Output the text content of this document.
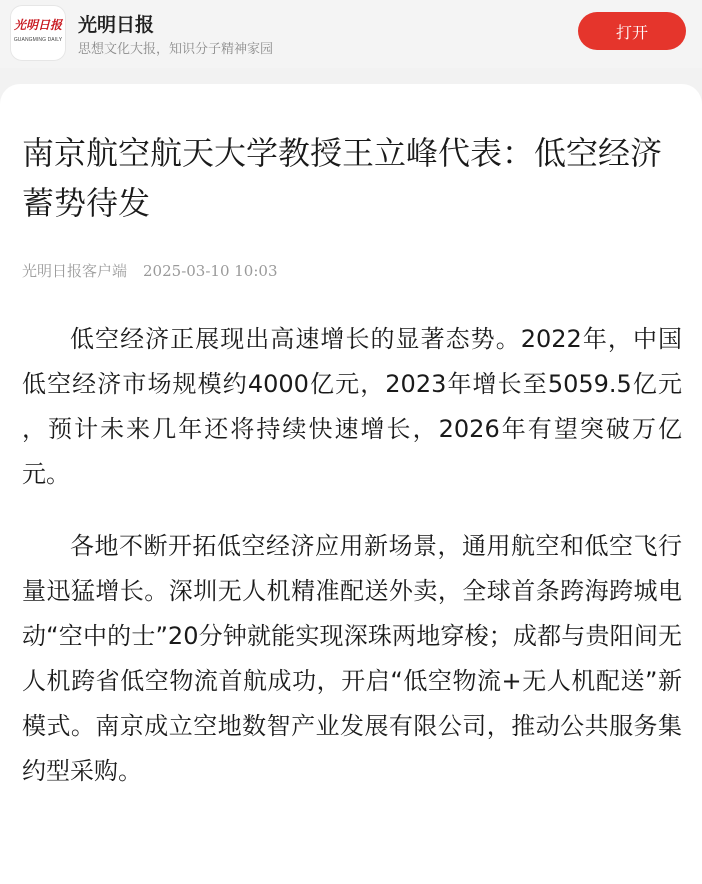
光明日报
GUANGMING DAILY
光明日报
思想文化大报，知识分子精神家园
打开
南京航空航天大学教授王立峰代表：低空经济蓄势待发
光明日报客户端 2025-03-10 10:03

低空经济正展现出高速增长的显著态势。2022年，中国低空经济市场规模约4000亿元，2023年增长至5059.5亿元 ，预计未来几年还将持续快速增长，2026年有望突破万亿元。

各地不断开拓低空经济应用新场景，通用航空和低空飞行量迅猛增长。深圳无人机精准配送外卖，全球首条跨海跨城电动“空中的士”20分钟就能实现深珠两地穿梭；成都与贵阳间无人机跨省低空物流首航成功，开启“低空物流+无人机配送”新模式。南京成立空地数智产业发展有限公司，推动公共服务集约型采购。
